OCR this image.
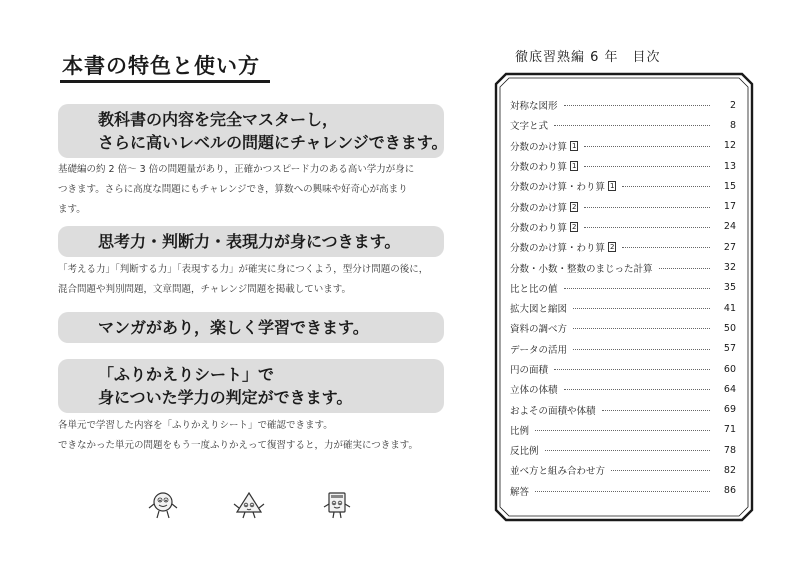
本書の特色と使い方
教科書の内容を完全マスターし，
さらに高いレベルの問題にチャレンジできます。
基礎編の約 2 倍～ 3 倍の問題量があり，正確かつスピード力のある高い学力が身に
つきます。さらに高度な問題にもチャレンジでき，算数への興味や好奇心が高まり
ます。
思考力・判断力・表現力が身につきます。
「考える力」「判断する力」「表現する力」が確実に身につくよう，型分け問題の後に，
混合問題や判別問題，文章問題，チャレンジ問題を掲載しています。
マンガがあり，楽しく学習できます。
「ふりかえりシート」で
身についた学力の判定ができます。
各単元で学習した内容を「ふりかえりシート」で確認できます。
できなかった単元の問題をもう一度ふりかえって復習すると，力が確実につきます。
徹底習熟編 6 年　目次
対称な図形	2
文字と式	8
分数のかけ算 1	12
分数のわり算 1	13
分数のかけ算・わり算 1	15
分数のかけ算 2	17
分数のわり算 2	24
分数のかけ算・わり算 2	27
分数・小数・整数のまじった計算	32
比と比の値	35
拡大図と縮図	41
資料の調べ方	50
データの活用	57
円の面積	60
立体の体積	64
およその面積や体積	69
比例	71
反比例	78
並べ方と組み合わせ方	82
解答	86
